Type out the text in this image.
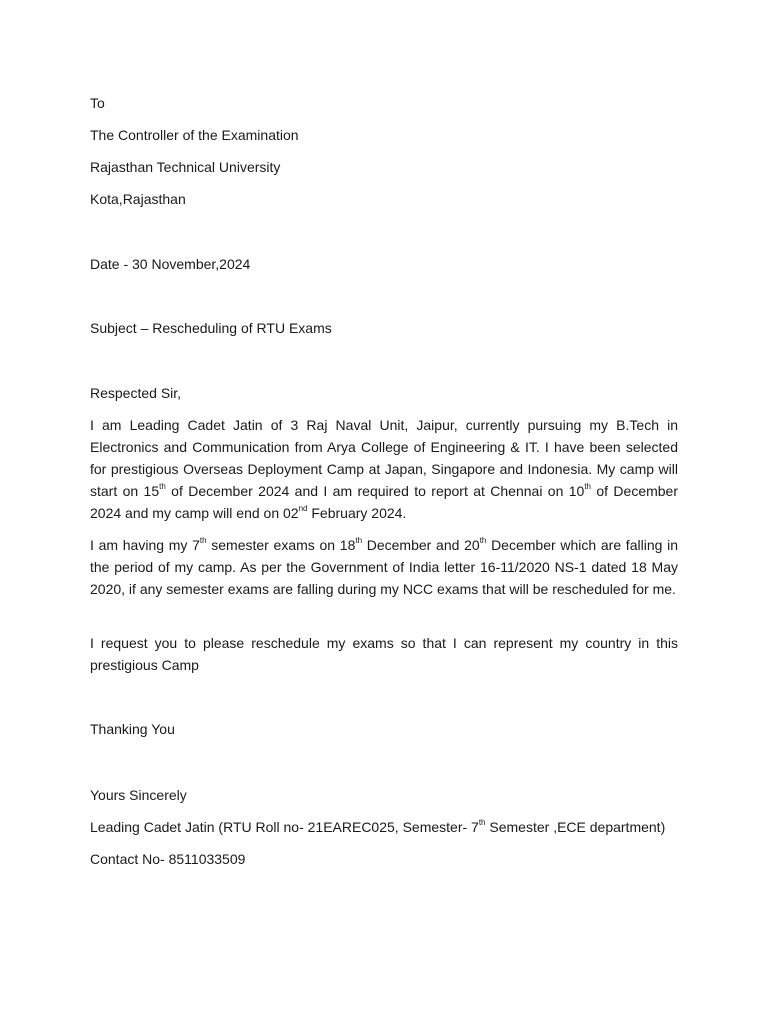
To
The Controller of the Examination
Rajasthan Technical University
Kota,Rajasthan
Date - 30 November,2024
Subject – Rescheduling of RTU Exams
Respected Sir,
I am Leading Cadet Jatin of 3 Raj Naval Unit, Jaipur, currently pursuing my B.Tech in Electronics and Communication from Arya College of Engineering & IT. I have been selected for prestigious Overseas Deployment Camp at Japan, Singapore and Indonesia. My camp will start on 15th of December 2024 and I am required to report at Chennai on 10th of December 2024 and my camp will end on 02nd February 2024.
I am having my 7th semester exams on 18th December and 20th December which are falling in the period of my camp. As per the Government of India letter 16-11/2020 NS-1 dated 18 May 2020, if any semester exams are falling during my NCC exams that will be rescheduled for me.
I request you to please reschedule my exams so that I can represent my country in this prestigious Camp
Thanking You
Yours Sincerely
Leading Cadet Jatin (RTU Roll no- 21EAREC025, Semester- 7th Semester ,ECE department)
Contact No- 8511033509
